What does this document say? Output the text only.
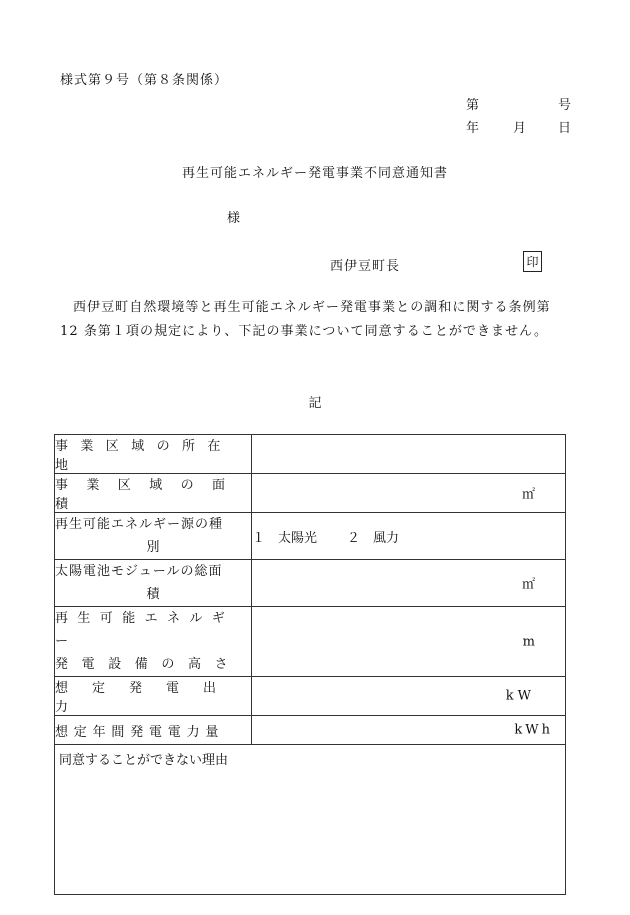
様式第９号（第８条関係）
第	号
年	月 日
再生可能エネルギー発電事業不同意通知書
様
西伊豆町長	印
西伊豆町自然環境等と再生可能エネルギー発電事業との調和に関する条例第 12 条第１項の規定により、下記の事業について同意することができません。
記
事業区域の所在地	

事業区域の面積	㎡

再生可能エネルギー源の種
別	１　太陽光 ２　風力

太陽電池モジュールの総面
積	㎡

再生可能エネルギー
発電設備の高さ	m

想定発電出力	kW

想定年間発電電力量	kWh

同意することができない理由	
